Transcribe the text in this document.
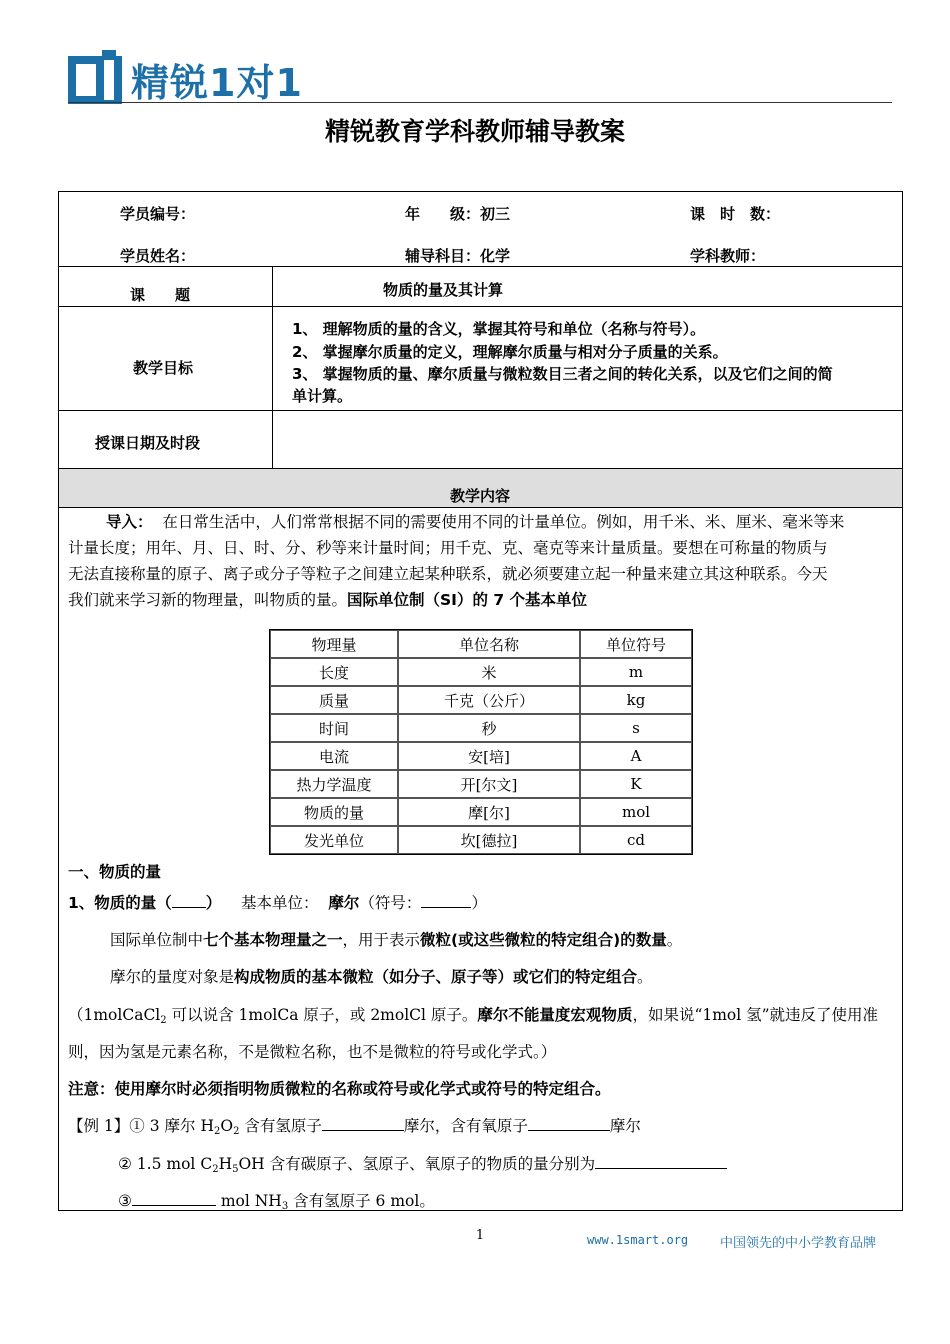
精锐1对1
精锐教育学科教师辅导教案
学员编号：	年　　级：初三	课　时　数：
学员姓名：	辅导科目：化学	学科教师：
课　　题	物质的量及其计算
教学目标
1、 理解物质的量的含义，掌握其符号和单位（名称与符号）。
2、 掌握摩尔质量的定义，理解摩尔质量与相对分子质量的关系。
3、 掌握物质的量、摩尔质量与微粒数目三者之间的转化关系，以及它们之间的简
单计算。
授课日期及时段
教学内容
导入： 在日常生活中，人们常常根据不同的需要使用不同的计量单位。例如，用千米、米、厘米、毫米等来
计量长度；用年、月、日、时、分、秒等来计量时间；用千克、克、毫克等来计量质量。要想在可称量的物质与
无法直接称量的原子、离子或分子等粒子之间建立起某种联系，就必须要建立起一种量来建立其这种联系。今天
我们就来学习新的物理量，叫物质的量。国际单位制（SI）的 7 个基本单位
物理量	单位名称	单位符号
长度	米	m
质量	千克（公斤）	kg
时间	秒	s
电流	安[培]	A
热力学温度	开[尔文]	K
物质的量	摩[尔]	mol
发光单位	坎[德拉]	cd
一、物质的量
1、物质的量（ ） 基本单位： 摩尔（符号：	）
国际单位制中七个基本物理量之一，用于表示微粒(或这些微粒的特定组合)的数量。
摩尔的量度对象是构成物质的基本微粒（如分子、原子等）或它们的特定组合。
（1molCaCl$_2$ 可以说含 1molCa 原子，或 2molCl 原子。摩尔不能量度宏观物质，如果说“1mol 氢”就违反了使用准
则，因为氢是元素名称，不是微粒名称，也不是微粒的符号或化学式。）
注意：使用摩尔时必须指明物质微粒的名称或符号或化学式或符号的特定组合。
【例 1】① 3 摩尔 $H_2O_2$ 含有氢原子	摩尔，含有氧原子	摩尔
② 1.5 mol $C_2H_5OH$ 含有碳原子、氢原子、氧原子的物质的量分别为
③	mol $NH_3$ 含有氢原子 6 mol。
1	www.1smart.org 中国领先的中小学教育品牌
